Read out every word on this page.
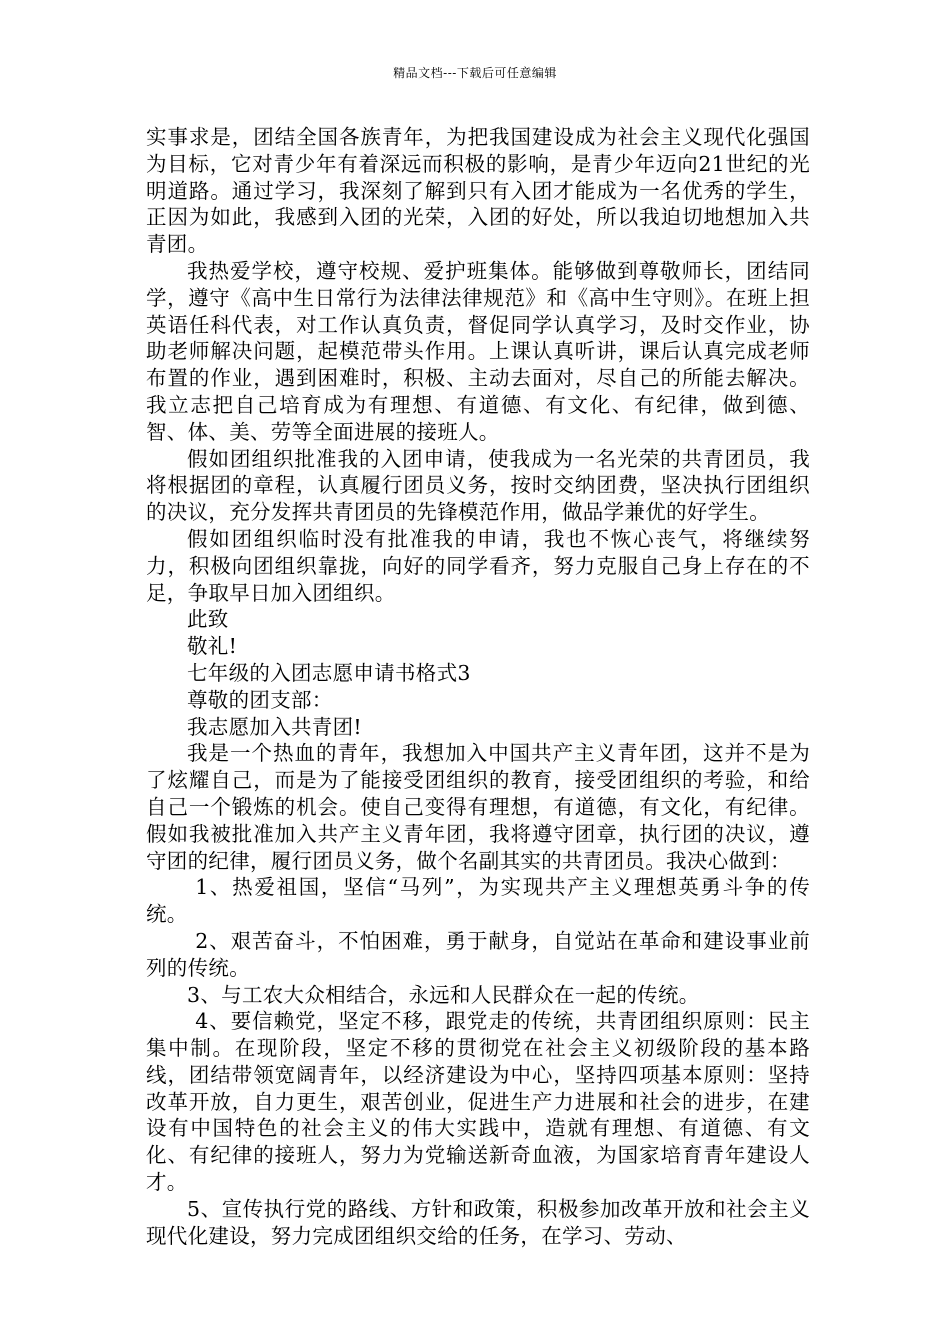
精品文档---下载后可任意编辑

实事求是，团结全国各族青年，为把我国建设成为社会主义现代化强国为目标，它对青少年有着深远而积极的影响，是青少年迈向21世纪的光明道路。通过学习，我深刻了解到只有入团才能成为一名优秀的学生，正因为如此，我感到入团的光荣，入团的好处，所以我迫切地想加入共青团。

我热爱学校，遵守校规、爱护班集体。能够做到尊敬师长，团结同学，遵守《高中生日常行为法律法律规范》和《高中生守则》。在班上担英语任科代表，对工作认真负责，督促同学认真学习，及时交作业，协助老师解决问题，起模范带头作用。上课认真听讲，课后认真完成老师布置的作业，遇到困难时，积极、主动去面对，尽自己的所能去解决。我立志把自己培育成为有理想、有道德、有文化、有纪律，做到德、智、体、美、劳等全面进展的接班人。

假如团组织批准我的入团申请，使我成为一名光荣的共青团员，我将根据团的章程，认真履行团员义务，按时交纳团费，坚决执行团组织的决议，充分发挥共青团员的先锋模范作用，做品学兼优的好学生。

假如团组织临时没有批准我的申请，我也不恢心丧气，将继续努力，积极向团组织靠拢，向好的同学看齐，努力克服自己身上存在的不足，争取早日加入团组织。

此致

敬礼!

七年级的入团志愿申请书格式3

尊敬的团支部：

我志愿加入共青团!

我是一个热血的青年，我想加入中国共产主义青年团，这并不是为了炫耀自己，而是为了能接受团组织的教育，接受团组织的考验，和给自己一个锻炼的机会。使自己变得有理想，有道德，有文化，有纪律。假如我被批准加入共产主义青年团，我将遵守团章，执行团的决议，遵守团的纪律，履行团员义务，做个名副其实的共青团员。我决心做到：

1、热爱祖国，坚信“马列”，为实现共产主义理想英勇斗争的传统。

2、艰苦奋斗，不怕困难，勇于献身，自觉站在革命和建设事业前列的传统。

3、与工农大众相结合，永远和人民群众在一起的传统。

4、要信赖党，坚定不移，跟党走的传统，共青团组织原则：民主集中制。在现阶段，坚定不移的贯彻党在社会主义初级阶段的基本路线，团结带领宽阔青年，以经济建设为中心，坚持四项基本原则：坚持改革开放，自力更生，艰苦创业，促进生产力进展和社会的进步，在建设有中国特色的社会主义的伟大实践中，造就有理想、有道德、有文化、有纪律的接班人，努力为党输送新奇血液，为国家培育青年建设人才。

5、宣传执行党的路线、方针和政策，积极参加改革开放和社会主义现代化建设，努力完成团组织交给的任务，在学习、劳动、
